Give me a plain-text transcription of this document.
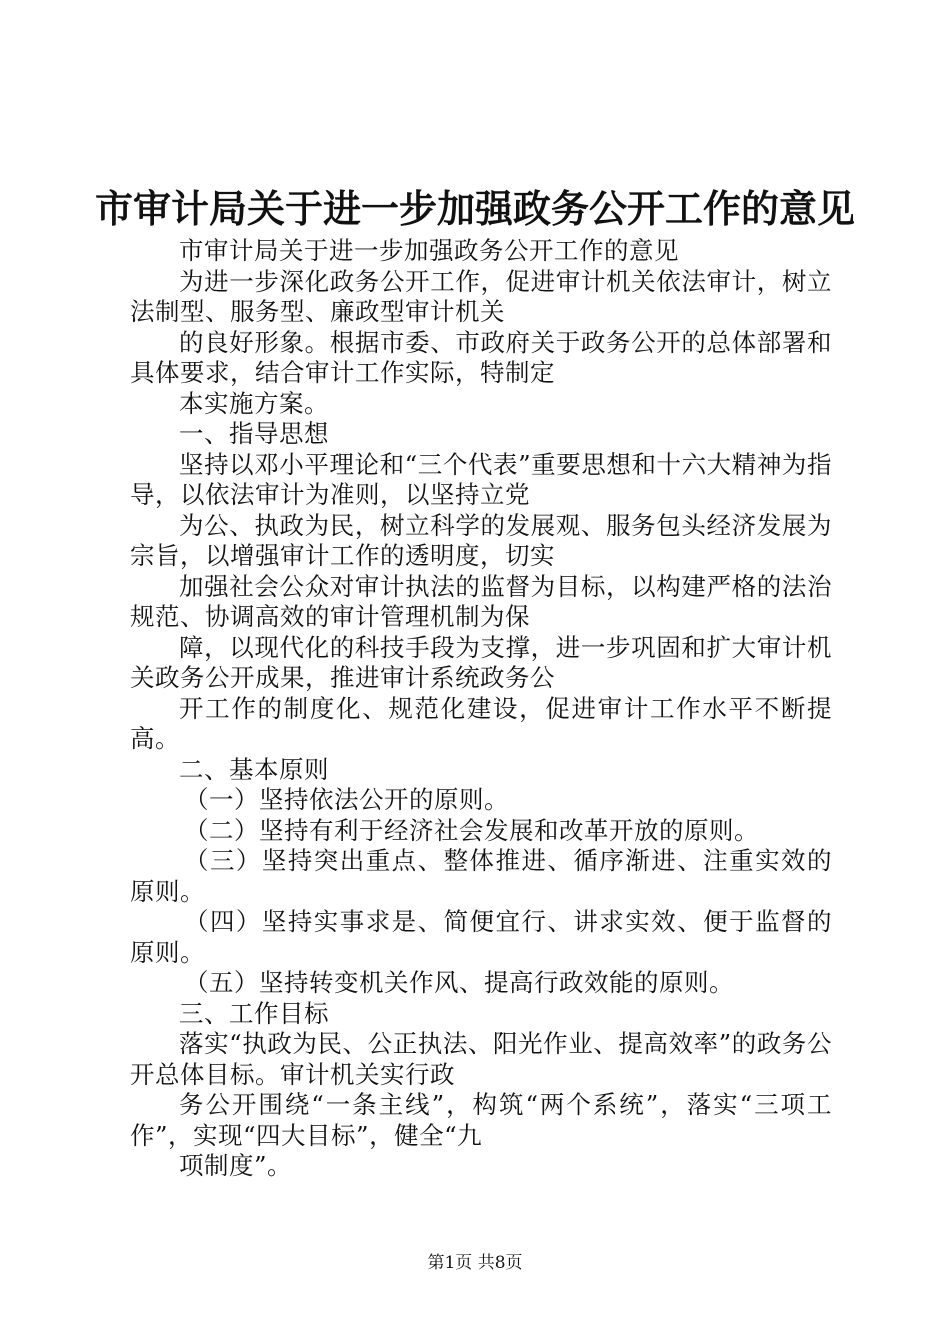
市审计局关于进一步加强政务公开工作的意见

市审计局关于进一步加强政务公开工作的意见

为进一步深化政务公开工作，促进审计机关依法审计，树立法制型、服务型、廉政型审计机关

的良好形象。根据市委、市政府关于政务公开的总体部署和具体要求，结合审计工作实际，特制定

本实施方案。

一、指导思想

坚持以邓小平理论和“三个代表”重要思想和十六大精神为指导，以依法审计为准则，以坚持立党

为公、执政为民，树立科学的发展观、服务包头经济发展为宗旨，以增强审计工作的透明度，切实

加强社会公众对审计执法的监督为目标，以构建严格的法治规范、协调高效的审计管理机制为保

障，以现代化的科技手段为支撑，进一步巩固和扩大审计机关政务公开成果，推进审计系统政务公

开工作的制度化、规范化建设，促进审计工作水平不断提高。

二、基本原则

（一）坚持依法公开的原则。

（二）坚持有利于经济社会发展和改革开放的原则。

（三）坚持突出重点、整体推进、循序渐进、注重实效的原则。

（四）坚持实事求是、简便宜行、讲求实效、便于监督的原则。

（五）坚持转变机关作风、提高行政效能的原则。

三、工作目标

落实“执政为民、公正执法、阳光作业、提高效率”的政务公开总体目标。审计机关实行政

务公开围绕“一条主线”，构筑“两个系统”，落实“三项工作”，实现“四大目标”，健全“九

项制度”。

第1页 共8页
